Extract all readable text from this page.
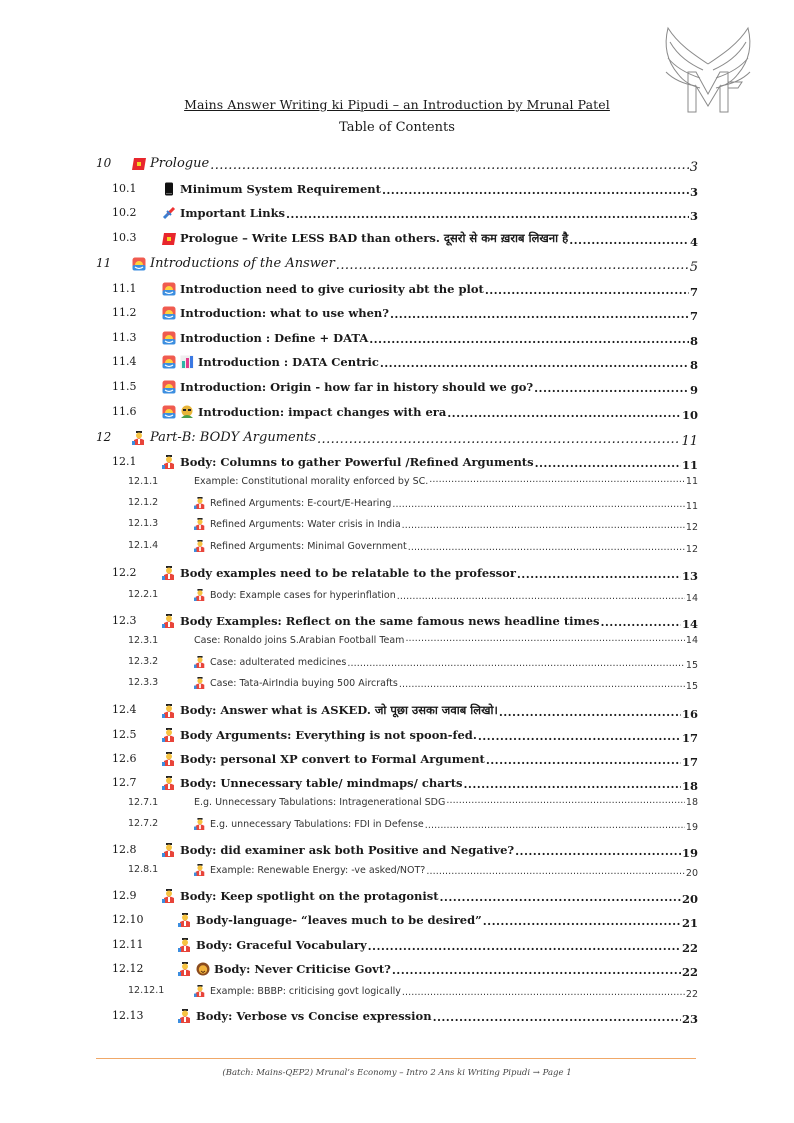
Mains Answer Writing ki Pipudi – an Introduction by Mrunal Patel
Table of Contents
10	Prologue .....	3
10.1	Minimum System Requirement .....	3
10.2	Important Links .....	3
10.3	Prologue – Write LESS BAD than others. दूसरो से कम ख़राब लिखना है .....	4
11	Introductions of the Answer .....	5
11.1	Introduction need to give curiosity abt the plot .....	7
11.2	Introduction: what to use when? .....	7
11.3	Introduction : Define + DATA .....	8
11.4	Introduction : DATA Centric .....	8
11.5	Introduction: Origin - how far in history should we go? .....	9
11.6	Introduction: impact changes with era .....	10
12	Part-B: BODY Arguments .....	11
12.1	Body: Columns to gather Powerful /Refined Arguments .....	11
12.1.1	Example: Constitutional morality enforced by SC. .....	11
12.1.2	Refined Arguments: E-court/E-Hearing .....	11
12.1.3	Refined Arguments: Water crisis in India .....	12
12.1.4	Refined Arguments: Minimal Government .....	12
12.2	Body examples need to be relatable to the professor .....	13
12.2.1	Body: Example cases for hyperinflation .....	14
12.3	Body Examples: Reflect on the same famous news headline times .....	14
12.3.1	Case: Ronaldo joins S.Arabian Football Team .....	14
12.3.2	Case: adulterated medicines .....	15
12.3.3	Case: Tata-AirIndia buying 500 Aircrafts .....	15
12.4	Body: Answer what is ASKED. जो पूछा उसका जवाब लिखो। .....	16
12.5	Body Arguments: Everything is not spoon-fed. .....	17
12.6	Body: personal XP convert to Formal Argument .....	17
12.7	Body: Unnecessary table/ mindmaps/ charts .....	18
12.7.1	E.g. Unnecessary Tabulations: Intragenerational SDG .....	18
12.7.2	E.g. unnecessary Tabulations: FDI in Defense .....	19
12.8	Body: did examiner ask both Positive and Negative? .....	19
12.8.1	Example: Renewable Energy: -ve asked/NOT? .....	20
12.9	Body: Keep spotlight on the protagonist .....	20
12.10	Body-language- “leaves much to be desired” .....	21
12.11	Body: Graceful Vocabulary .....	22
12.12	Body: Never Criticise Govt? .....	22
12.12.1	Example: BBBP: criticising govt logically .....	22
12.13	Body: Verbose vs Concise expression .....	23
(Batch: Mains-QEP2) Mrunal’s Economy – Intro 2 Ans ki Writing Pipudi → Page 1
